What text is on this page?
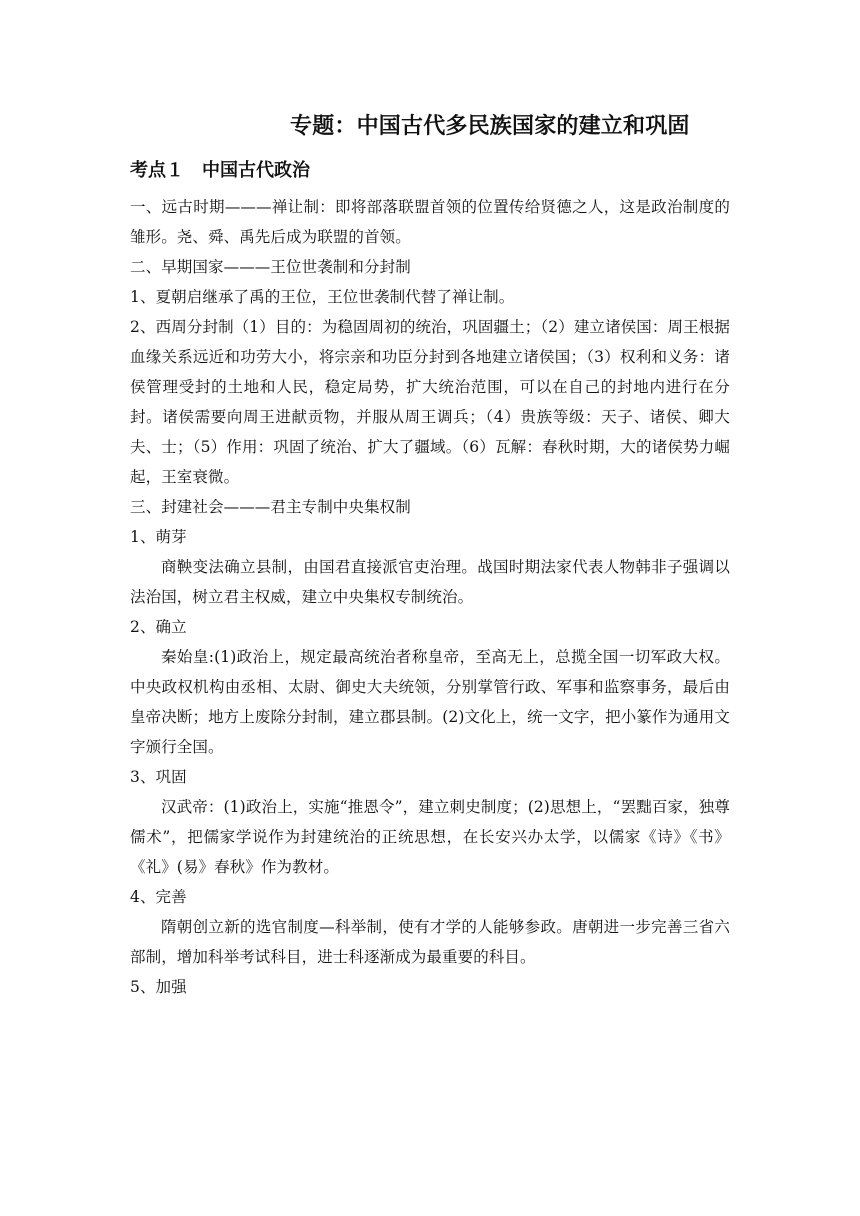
专题：中国古代多民族国家的建立和巩固
考点１　中国古代政治

一、远古时期———禅让制：即将部落联盟首领的位置传给贤德之人，这是政治制度的雏形。尧、舜、禹先后成为联盟的首领。

二、早期国家———王位世袭制和分封制

1、夏朝启继承了禹的王位，王位世袭制代替了禅让制。

2、西周分封制（1）目的：为稳固周初的统治，巩固疆土；（2）建立诸侯国：周王根据血缘关系远近和功劳大小，将宗亲和功臣分封到各地建立诸侯国；（3）权利和义务：诸侯管理受封的土地和人民，稳定局势，扩大统治范围，可以在自己的封地内进行在分封。诸侯需要向周王进献贡物，并服从周王调兵；（4）贵族等级：天子、诸侯、卿大夫、士；（5）作用：巩固了统治、扩大了疆域。（6）瓦解：春秋时期，大的诸侯势力崛起，王室衰微。

三、封建社会———君主专制中央集权制

1、萌芽

商鞅变法确立县制，由国君直接派官吏治理。战国时期法家代表人物韩非子强调以法治国，树立君主权威，建立中央集权专制统治。

2、确立

秦始皇:(1)政治上，规定最高统治者称皇帝，至高无上，总揽全国一切军政大权。中央政权机构由丞相、太尉、御史大夫统领，分别掌管行政、军事和监察事务，最后由皇帝决断；地方上废除分封制，建立郡县制。(2)文化上，统一文字，把小篆作为通用文字颁行全国。

3、巩固

汉武帝：(1)政治上，实施“推恩令”，建立刺史制度；(2)思想上，“罢黜百家，独尊儒术”，把儒家学说作为封建统治的正统思想，在长安兴办太学，以儒家《诗》《书》《礼》(易》春秋》作为教材。

4、完善

隋朝创立新的选官制度—科举制，使有才学的人能够参政。唐朝进一步完善三省六部制，增加科举考试科目，进士科逐渐成为最重要的科目。

5、加强
